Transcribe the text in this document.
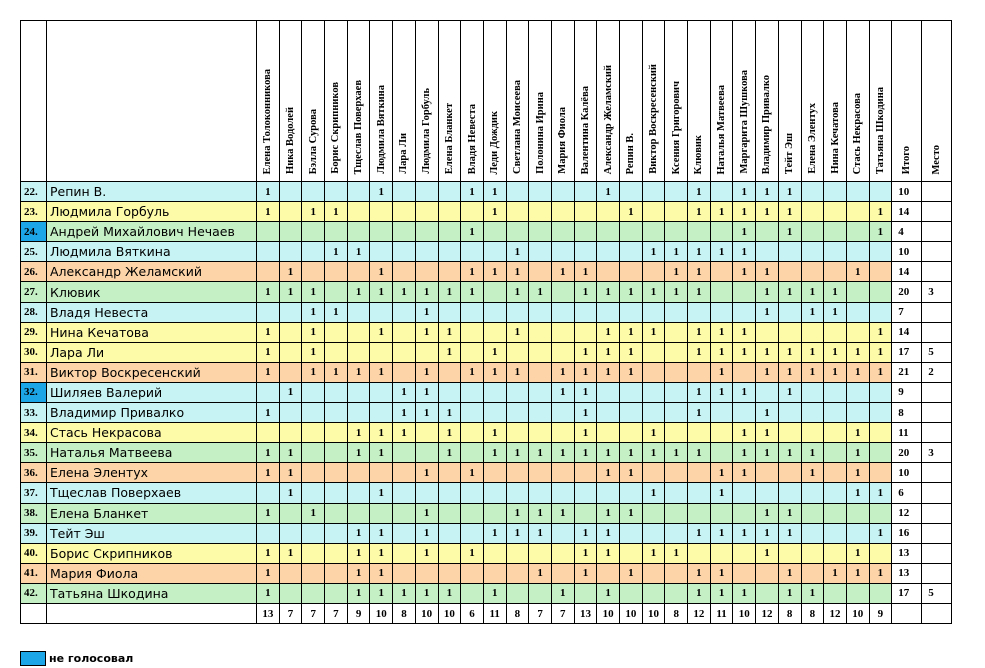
		Елена Толоконникова	Ника Водолей	Бэлла Сурова	Борис Скрипников	Тщеслав Поверхаев	Людмила Вяткина	Лара Ли	Людмила Горбуль	Елена Бланкет	Владя Невеста	Леди Дождик	Светлана Моисеева	Полонина Ирина	Мария Фиола	Валентина Калёва	Александр Желамский	Репин В.	Виктор Воскресенский	Ксения Григорович	Клювик	Наталья Матвеева	Маргарита Шушкова	Владимир Привалко	Тейт Эш	Елена Элентух	Нина Кечатова	Стась Некрасова	Татьяна Шкодина	Итого	Место
22.	Репин В.	1					1				1	1					1				1		1	1	1					10	
23.	Людмила Горбуль	1		1	1							1						1			1	1	1	1	1				1	14	
24.	Андрей Михайлович Нечаев										1												1		1				1	4	
25.	Людмила Вяткина				1	1							1						1	1	1	1	1							10	
26.	Александр Желамский		1				1				1	1	1		1	1				1	1		1	1				1		14	
27.	Клювик	1	1	1		1	1	1	1	1	1		1	1		1	1	1	1	1	1			1	1	1	1			20	3
28.	Владя Невеста			1	1				1															1		1	1			7	
29.	Нина Кечатова	1		1			1		1	1			1				1	1	1		1	1	1						1	14	
30.	Лара Ли	1		1						1		1				1	1	1			1	1	1	1	1	1	1	1	1	17	5
31.	Виктор Воскресенский	1		1	1	1	1		1		1	1	1		1	1	1	1				1		1	1	1	1	1	1	21	2
32.	Шиляев Валерий		1					1	1						1	1					1	1	1		1					9	
33.	Владимир Привалко	1						1	1	1						1					1			1						8	
34.	Стась Некрасова					1	1	1		1		1				1			1				1	1				1		11	
35.	Наталья Матвеева	1	1			1	1			1		1	1	1	1	1	1	1	1	1	1		1	1	1	1		1		20	3
36.	Елена Элентух	1	1						1		1						1	1				1	1			1		1		10	
37.	Тщеслав Поверхаев		1				1												1			1						1	1	6	
38.	Елена Бланкет	1		1					1				1	1	1		1	1						1	1					12	
39.	Тейт Эш					1	1		1			1	1	1		1	1				1	1	1	1	1				1	16	
40.	Борис Скрипников	1	1			1	1		1		1					1	1		1	1				1				1		13	
41.	Мария Фиола	1				1	1							1		1		1			1	1			1		1	1	1	13	
42.	Татьяна Шкодина	1				1	1	1	1	1		1			1		1				1	1	1		1	1				17	5
		13	7	7	7	9	10	8	10	10	6	11	8	7	7	13	10	10	10	8	12	11	10	12	8	8	12	10	9		
не голосовал
